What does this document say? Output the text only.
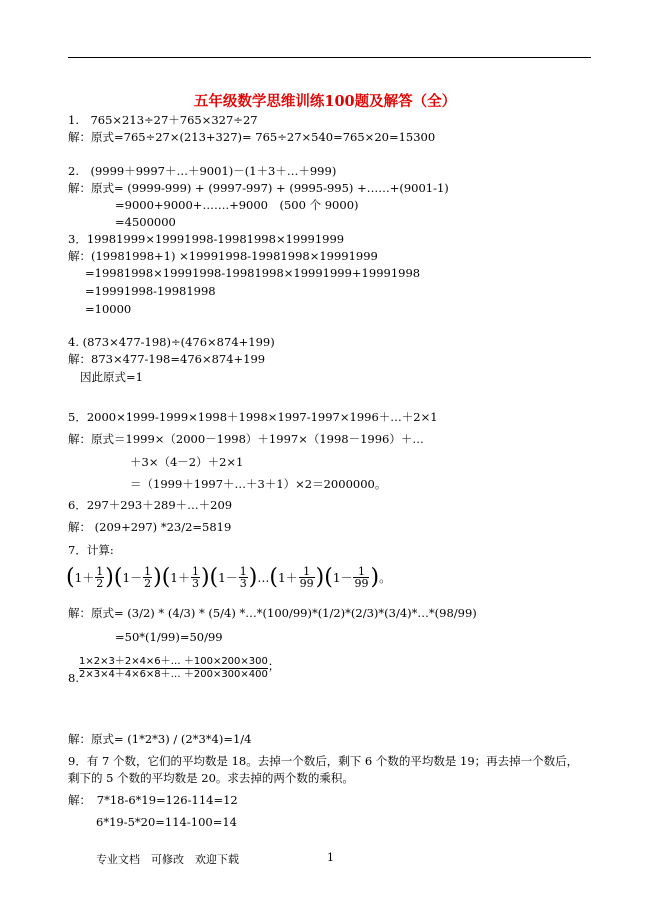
五年级数学思维训练100题及解答（全）
1.　765×213÷27＋765×327÷27
解：原式=765÷27×(213+327)= 765÷27×540=765×20=15300
2.　(9999＋9997＋…＋9001)－(1＋3＋…＋999)
解：原式= (9999-999) + (9997-997) + (9995-995) +……+(9001-1)
=9000+9000+…….+9000　(500 个 9000)
=4500000
3．19981999×19991998-19981998×19991999
解：(19981998+1) ×19991998-19981998×19991999
=19981998×19991998-19981998×19991999+19991998
=19991998-19981998
=10000
4. (873×477-198)÷(476×874+199)
解：873×477-198=476×874+199
因此原式=1
5．2000×1999-1999×1998＋1998×1997-1997×1996＋…＋2×1
解：原式＝1999×（2000－1998）＋1997×（1998－1996）＋…
＋3×（4－2）＋2×1
＝（1999＋1997＋…＋3＋1）×2＝2000000。
6．297＋293＋289＋…＋209
解： (209+297) *23/2=5819
7．计算:
( $1 + \frac{1}{2}$ ) ( $1 - \frac{1}{2}$ ) ( $1 + \frac{1}{3}$ ) ( $1 - \frac{1}{3}$ ) … ( $1 + \frac{1}{99}$ ) ( $1 - \frac{1}{99}$ ) 。
解：原式= (3/2) * (4/3) * (5/4) *…*(100/99)*(1/2)*(2/3)*(3/4)*…*(98/99)
=50*(1/99)=50/99
8. $\frac{1\times 2\times 3+2\times 4\times 6+\dots +100\times 200\times 300}{2\times 3\times 4+4\times 6\times 8+\dots +200\times 300\times 400}$ ；
解：原式= (1*2*3) / (2*3*4)=1/4
9．有 7 个数，它们的平均数是 18。去掉一个数后，剩下 6 个数的平均数是 19；再去掉一个数后，
剩下的 5 个数的平均数是 20。求去掉的两个数的乘积。
解：　7*18-6*19=126-114=12
6*19-5*20=114-100=14
专业文档　可修改　欢迎下载	1
